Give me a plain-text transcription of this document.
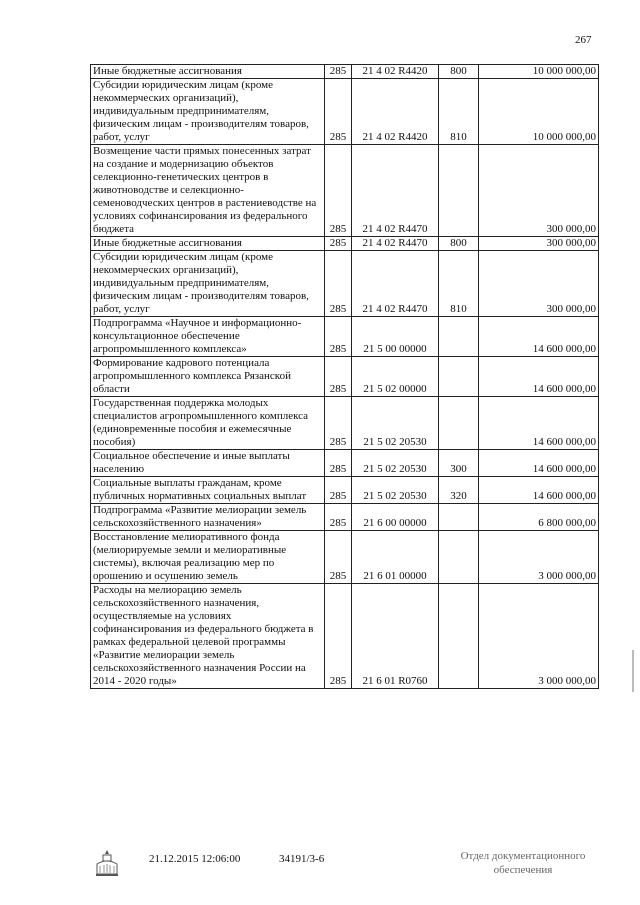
267
Иные бюджетные ассигнования	285	21 4 02 R4420	800	10 000 000,00
Субсидии юридическим лицам (кроме некоммерческих организаций), индивидуальным предпринимателям, физическим лицам - производителям товаров, работ, услуг	285	21 4 02 R4420	810	10 000 000,00
Возмещение части прямых понесенных затрат на создание и модернизацию объектов селекционно-генетических центров в животноводстве и селекционно-семеноводческих центров в растениеводстве на условиях софинансирования из федерального бюджета	285	21 4 02 R4470		300 000,00
Иные бюджетные ассигнования	285	21 4 02 R4470	800	300 000,00
Субсидии юридическим лицам (кроме некоммерческих организаций), индивидуальным предпринимателям, физическим лицам - производителям товаров, работ, услуг	285	21 4 02 R4470	810	300 000,00
Подпрограмма «Научное и информационно-консультационное обеспечение агропромышленного комплекса»	285	21 5 00 00000		14 600 000,00
Формирование кадрового потенциала агропромышленного комплекса Рязанской области	285	21 5 02 00000		14 600 000,00
Государственная поддержка молодых специалистов агропромышленного комплекса (единовременные пособия и ежемесячные пособия)	285	21 5 02 20530		14 600 000,00
Социальное обеспечение и иные выплаты населению	285	21 5 02 20530	300	14 600 000,00
Социальные выплаты гражданам, кроме публичных нормативных социальных выплат	285	21 5 02 20530	320	14 600 000,00
Подпрограмма «Развитие мелиорации земель сельскохозяйственного назначения»	285	21 6 00 00000		6 800 000,00
Восстановление мелиоративного фонда (мелиорируемые земли и мелиоративные системы), включая реализацию мер по орошению и осушению земель	285	21 6 01 00000		3 000 000,00
Расходы на мелиорацию земель сельскохозяйственного назначения, осуществляемые на условиях софинансирования из федерального бюджета в рамках федеральной целевой программы «Развитие мелиорации земель сельскохозяйственного назначения России на 2014 - 2020 годы»	285	21 6 01 R0760		3 000 000,00
21.12.2015 12:06:00	34191/3-6	Отдел документационного
обеспечения
